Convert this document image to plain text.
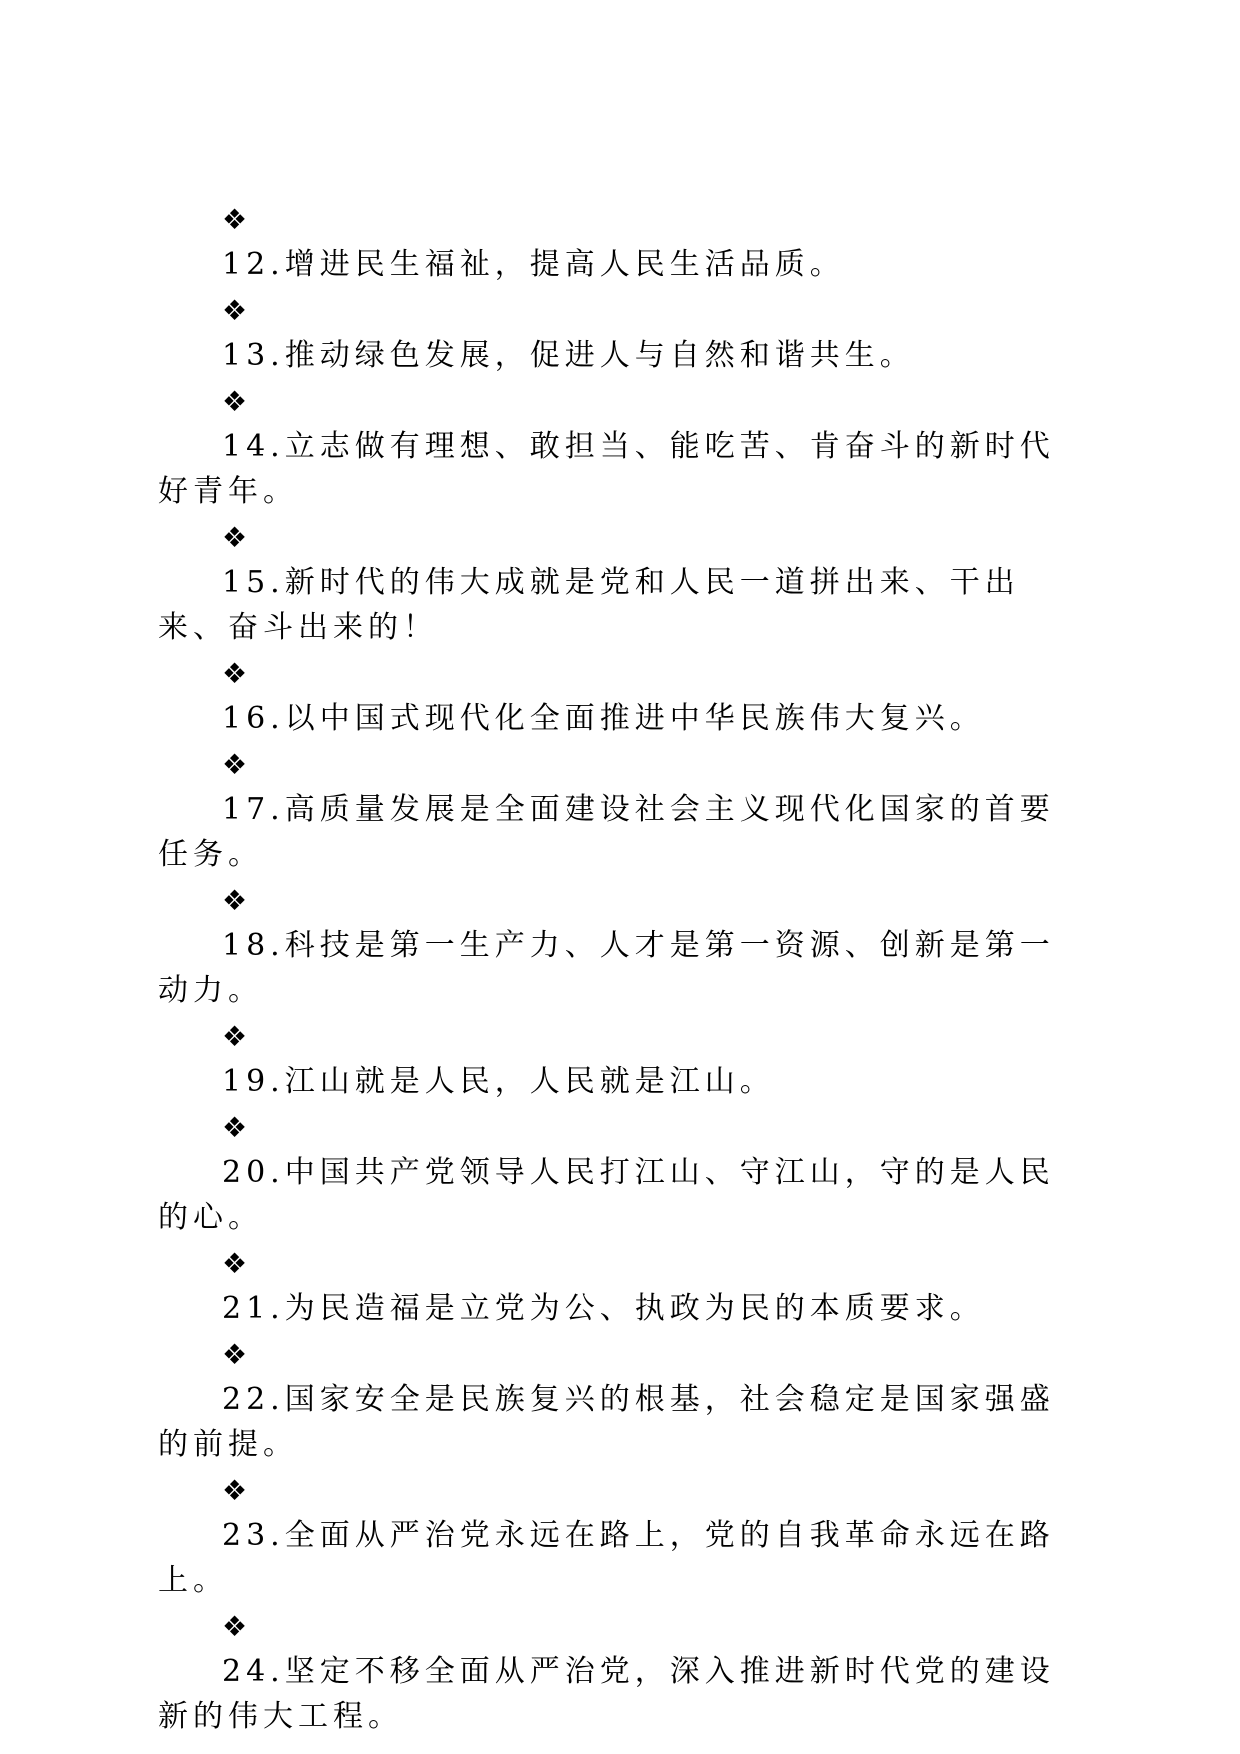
❖

12.增进民生福祉，提高人民生活品质。

❖

13.推动绿色发展，促进人与自然和谐共生。

❖

14.立志做有理想、敢担当、能吃苦、肯奋斗的新时代好青年。

❖

15.新时代的伟大成就是党和人民一道拼出来、干出来、奋斗出来的！

❖

16.以中国式现代化全面推进中华民族伟大复兴。

❖

17.高质量发展是全面建设社会主义现代化国家的首要任务。

❖

18.科技是第一生产力、人才是第一资源、创新是第一动力。

❖

19.江山就是人民，人民就是江山。

❖

20.中国共产党领导人民打江山、守江山，守的是人民的心。

❖

21.为民造福是立党为公、执政为民的本质要求。

❖

22.国家安全是民族复兴的根基，社会稳定是国家强盛的前提。

❖

23.全面从严治党永远在路上，党的自我革命永远在路上。

❖

24.坚定不移全面从严治党，深入推进新时代党的建设新的伟大工程。
